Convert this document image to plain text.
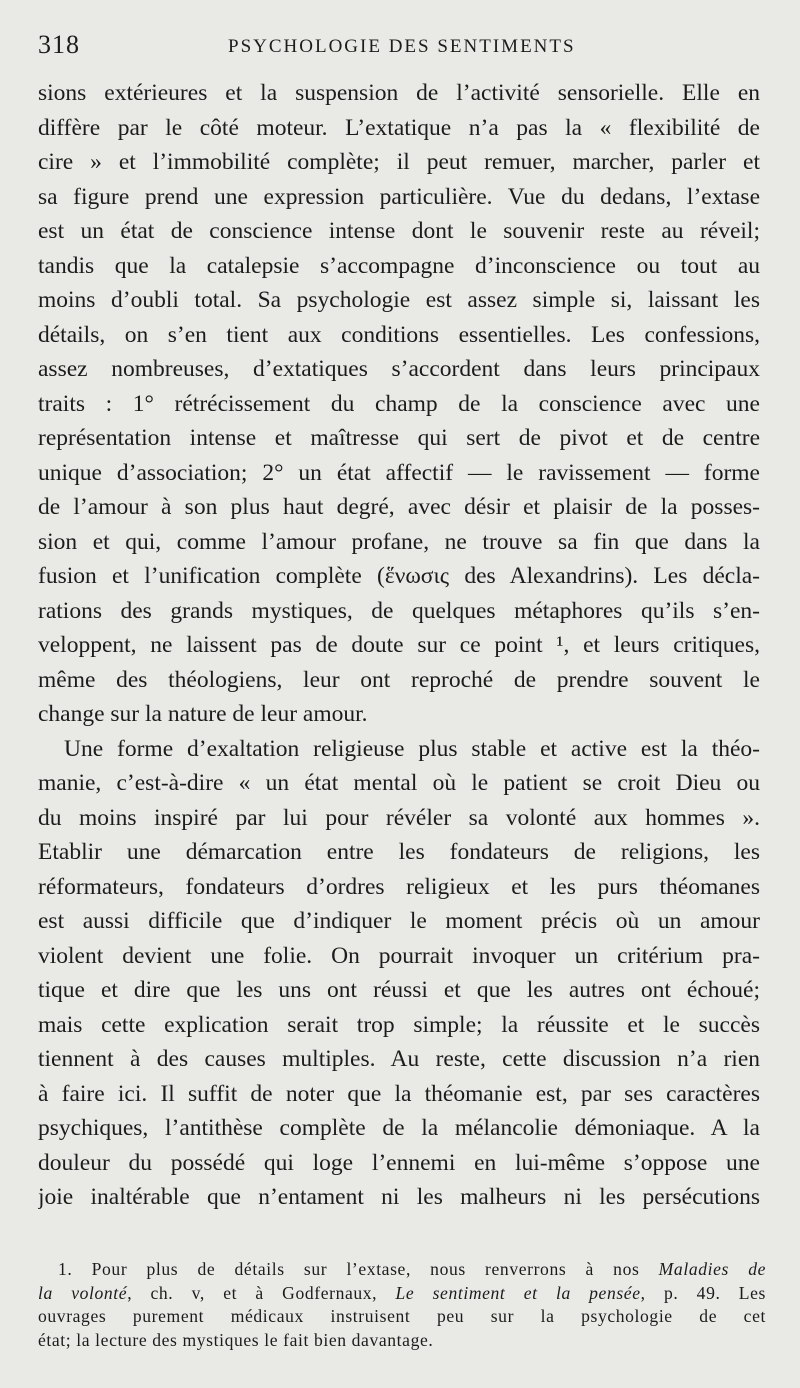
318	PSYCHOLOGIE DES SENTIMENTS
sions extérieures et la suspension de l’activité sensorielle. Elle en
diffère par le côté moteur. L’extatique n’a pas la « flexibilité de
cire » et l’immobilité complète; il peut remuer, marcher, parler et
sa figure prend une expression particulière. Vue du dedans, l’extase
est un état de conscience intense dont le souvenir reste au réveil;
tandis que la catalepsie s’accompagne d’inconscience ou tout au
moins d’oubli total. Sa psychologie est assez simple si, laissant les
détails, on s’en tient aux conditions essentielles. Les confessions,
assez nombreuses, d’extatiques s’accordent dans leurs principaux
traits : 1° rétrécissement du champ de la conscience avec une
représentation intense et maîtresse qui sert de pivot et de centre
unique d’association; 2° un état affectif — le ravissement — forme
de l’amour à son plus haut degré, avec désir et plaisir de la posses-
sion et qui, comme l’amour profane, ne trouve sa fin que dans la
fusion et l’unification complète (ἕνωσις des Alexandrins). Les décla-
rations des grands mystiques, de quelques métaphores qu’ils s’en-
veloppent, ne laissent pas de doute sur ce point ¹, et leurs critiques,
même des théologiens, leur ont reproché de prendre souvent le
change sur la nature de leur amour.
Une forme d’exaltation religieuse plus stable et active est la théo-
manie, c’est-à-dire « un état mental où le patient se croit Dieu ou
du moins inspiré par lui pour révéler sa volonté aux hommes ».
Etablir une démarcation entre les fondateurs de religions, les
réformateurs, fondateurs d’ordres religieux et les purs théomanes
est aussi difficile que d’indiquer le moment précis où un amour
violent devient une folie. On pourrait invoquer un critérium pra-
tique et dire que les uns ont réussi et que les autres ont échoué;
mais cette explication serait trop simple; la réussite et le succès
tiennent à des causes multiples. Au reste, cette discussion n’a rien
à faire ici. Il suffit de noter que la théomanie est, par ses caractères
psychiques, l’antithèse complète de la mélancolie démoniaque. A la
douleur du possédé qui loge l’ennemi en lui-même s’oppose une
joie inaltérable que n’entament ni les malheurs ni les persécutions
1. Pour plus de détails sur l’extase, nous renverrons à nos Maladies de
la volonté, ch. v, et à Godfernaux, Le sentiment et la pensée, p. 49. Les
ouvrages purement médicaux instruisent peu sur la psychologie de cet
état; la lecture des mystiques le fait bien davantage.
